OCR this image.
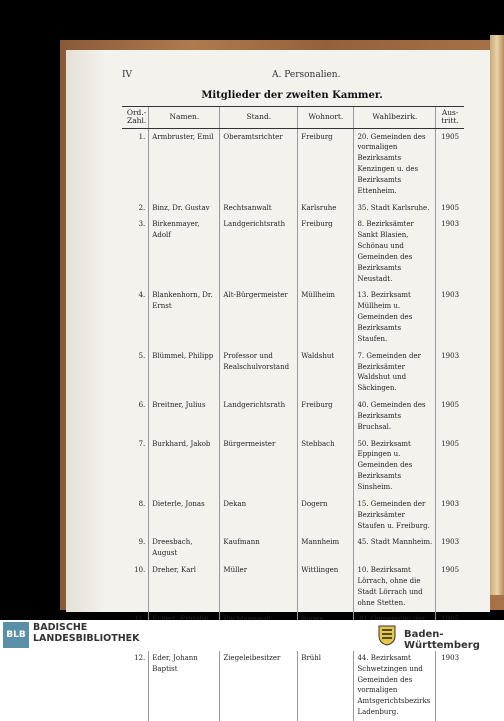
IV	A. Personalien.
Mitglieder der zweiten Kammer.
Ord.-Zahl.	Namen.	Stand.	Wohnort.	Wahlbezirk.	Aus-tritt.
1.	Armbruster, Emil	Oberamtsrichter	Freiburg	20. Gemeinden des vormaligen Bezirksamts Kenzingen u. des Bezirksamts Ettenheim.	1905
2.	Binz, Dr. Gustav	Rechtsanwalt	Karlsruhe	35. Stadt Karlsruhe.	1905
3.	Birkenmayer, Adolf	Landgerichtsrath	Freiburg	8. Bezirksämter Sankt Blasien, Schönau und Gemeinden des Bezirksamts Neustadt.	1903
4.	Blankenhorn, Dr. Ernst	Alt-Bürgermeister	Müllheim	13. Bezirksamt Müllheim u. Gemeinden des Bezirksamts Staufen.	1903
5.	Blümmel, Philipp	Professor und Realschulvorstand	Waldshut	7. Gemeinden der Bezirksämter Waldshut und Säckingen.	1903
6.	Breitner, Julius	Landgerichtsrath	Freiburg	40. Gemeinden des Bezirksamts Bruchsal.	1905
7.	Burkhard, Jakob	Bürgermeister	Stebbach	50. Bezirksamt Eppingen u. Gemeinden des Bezirksamts Sinsheim.	1905
8.	Dieterle, Jonas	Dekan	Dogern	15. Gemeinden der Bezirksämter Staufen u. Freiburg.	1903
9.	Dreesbach, August	Kaufmann	Mannheim	45. Stadt Mannheim.	1903
10.	Dreher, Karl	Müller	Wittlingen	10. Bezirksamt Lörrach, ohne die Stadt Lörrach und ohne Stetten.	1905

12.	Eder, Johann Baptist	Ziegeleibesitzer	Brühl	44. Bezirksamt Schwetzingen und Gemeinden des vormaligen Amtsgerichtsbezirks Ladenburg.	1903
BLB
BADISCHE
LANDESBIBLIOTHEK	Baden-Württemberg
